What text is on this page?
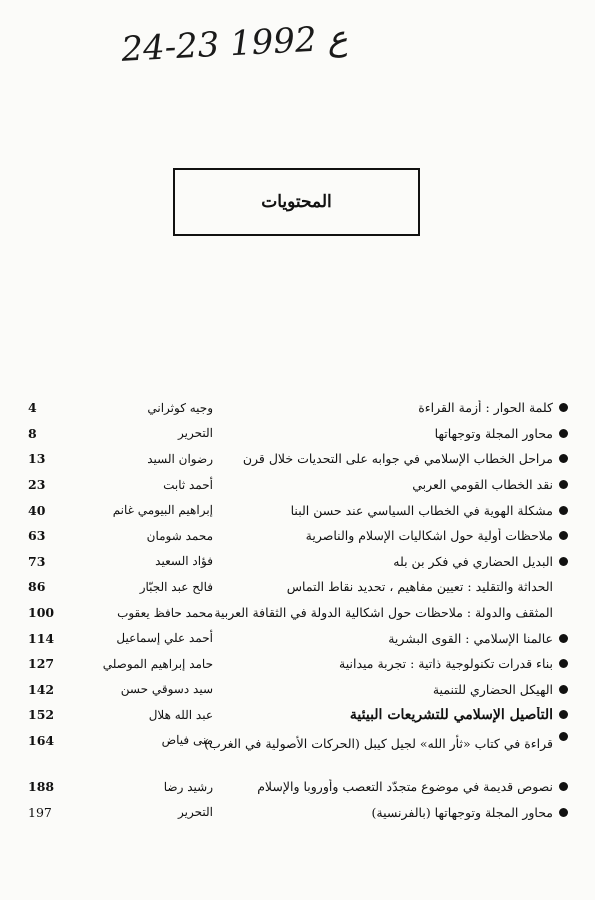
24-23 ع 1992
المحتويات
كلمة الحوار : أزمة القراءة
وجيه كوثراني
4
محاور المجلة وتوجهاتها
التحرير
8
مراحل الخطاب الإسلامي في جوابه على التحديات خلال قرن
رضوان السيد
13
نقد الخطاب القومي العربي
أحمد ثابت
23
مشكلة الهوية في الخطاب السياسي عند حسن البنا
إبراهيم البيومي غانم
40
ملاحظات أولية حول اشكاليات الإسلام والناصرية
محمد شومان
63
البديل الحضاري في فكر بن بله
فؤاد السعيد
73
الحداثة والتقليد : تعيين مفاهيم ، تحديد نقاط التماس
فالح عبد الجبّار
86
المثقف والدولة : ملاحظات حول اشكالية الدولة في الثقافة العربية
محمد حافظ يعقوب
100
عالمنا الإسلامي : القوى البشرية
أحمد علي إسماعيل
114
بناء قدرات تكنولوجية ذاتية : تجربة ميدانية
حامد إبراهيم الموصلي
127
الهيكل الحضاري للتنمية
سيد دسوقي حسن
142
التأصيل الإسلامي للتشريعات البيئية
عبد الله هلال
152
قراءة في كتاب «ثأر الله» لجيل كيبل (الحركات الأصولية في الغرب)
منى فياض
164
نصوص قديمة في موضوع متجدّد التعصب وأوروبا والإسلام
رشيد رضا
188
محاور المجلة وتوجهاتها (بالفرنسية)
التحرير
197
